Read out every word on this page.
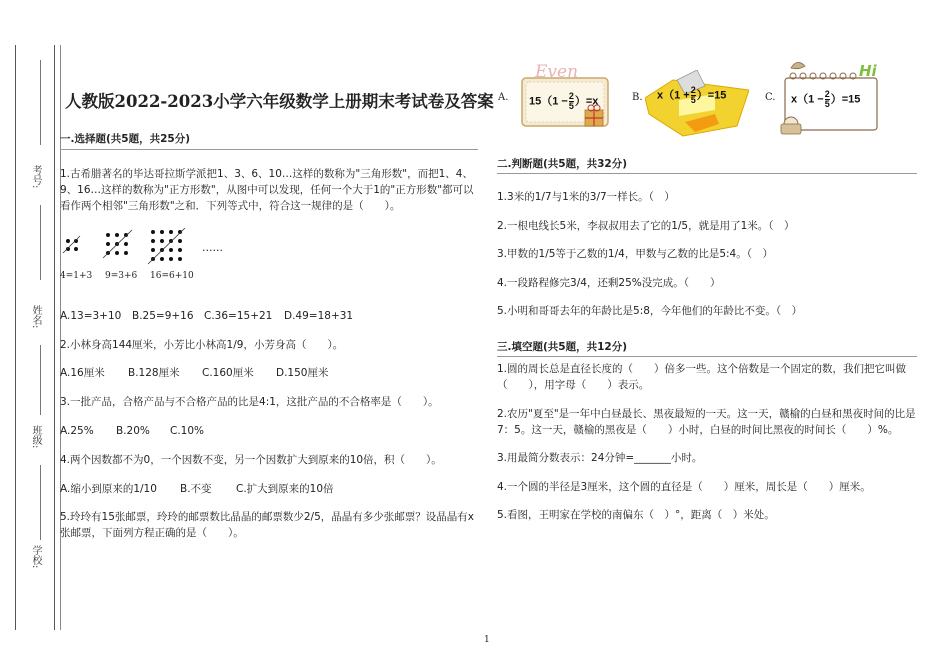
考号:
姓名:
班级:
学校:
人教版2022-2023小学六年级数学上册期末考试卷及答案
一.选择题(共5题，共25分)
1.古希腊著名的毕达哥拉斯学派把1、3、6、10…这样的数称为"三角形数"，而把1、4、9、16…这样的数称为"正方形数"，从图中可以发现，任何一个大于1的"正方形数"都可以看作两个相邻"三角形数"之和．下列等式中，符合这一规律的是（　　）。
4=1+3 9=3+6 16=6+10
……
A.13=3+10 B.25=9+16 C.36=15+21 D.49=18+31
2.小林身高144厘米，小芳比小林高1/9，小芳身高（　　）。
A.16厘米 B.128厘米 C.160厘米 D.150厘米
3.一批产品，合格产品与不合格产品的比是4:1，这批产品的不合格率是（　　）。
A.25% B.20% C.10%
4.两个因数都不为0，一个因数不变，另一个因数扩大到原来的10倍，积（　　）。
A.缩小到原来的1/10 B.不变 C.扩大到原来的10倍
5.玲玲有15张邮票，玲玲的邮票数比晶晶的邮票数少2/5，晶晶有多少张邮票？设晶晶有x张邮票，下面列方程正确的是（　　）。
A.
Even
$15(1 - \frac{2}{5} )=x$	B. $x(1 + \frac{2}{5} )=15$	C.
Hi
$x(1 - \frac{2}{5} )=15$
二.判断题(共5题，共32分)
1.3米的1/7与1米的3/7一样长。（　）
2.一根电线长5米，李叔叔用去了它的1/5，就是用了1米。（　）
3.甲数的1/5等于乙数的1/4，甲数与乙数的比是5:4。（　）
4.一段路程修完3/4，还剩25%没完成。（　　）
5.小明和哥哥去年的年龄比是5:8，今年他们的年龄比不变。（　）
三.填空题(共5题，共12分)
1.圆的周长总是直径长度的（　　）倍多一些。这个倍数是一个固定的数，我们把它叫做（　　），用字母（　　）表示。
2.农历"夏至"是一年中白昼最长、黑夜最短的一天。这一天，赣榆的白昼和黑夜时间的比是7：5。这一天，赣榆的黑夜是（　　）小时，白昼的时间比黑夜的时间长（　　）%。
3.用最简分数表示：24分钟=_______小时。
4.一个圆的半径是3厘米，这个圆的直径是（　　）厘米，周长是（　　）厘米。
5.看图，王明家在学校的南偏东（　）°，距离（　）米处。
1
